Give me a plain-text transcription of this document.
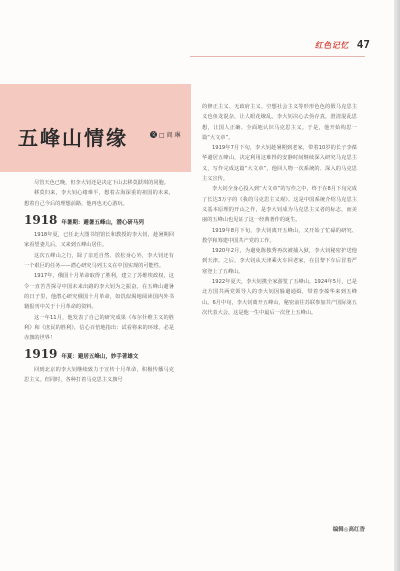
红色记忆 47
五峰山情缘	文 □ 阎 琳

尽管天色已晚，但李大钊还是决定下山去移莫跃琪的同胞。

移莫归来，李大钊心绪难平，想着古海深重的祖国的未来，想着自己今后的理想前路，他再也无心游玩。

1918 年暑期：避暑五峰山，潜心研马列

1918年夏，已任北大图书馆馆长和教授的李大钊，趁暑期回家看望妻儿后，又来到五峰山居住。

这次五峰山之行，除了亲近自然、放松身心外，李大钊还有一个艰巨的任务——潜心研究马列主义在中国实现的可能性。

1917年，俄国十月革命取得了胜利，建立了苏维埃政权，这令一直苦苦探寻中国未来出路的李大钊为之振奋。在五峰山避暑的日子里，他潜心研究俄国十月革命，如饥似渴地阅读国内外书籍报刊中关于十月革命的资料。

这一年11月，他发表了自己的研究成果《布尔什维主义的胜利》和《庶民的胜利》，信心百倍地指出：试看将来的环球，必是赤旗的世界！

1919 年夏：避居五峰山，妙手著雄文

回到北京的李大钊继续致力于宣传十月革命，积极传播马克思主义。但同时，各种打着马克思主义旗号

的修正主义、无政府主义、空想社会主义等形形色色的假马克思主义也鱼龙混杂，让人眼花缭乱。李大钊决心去伪存真，澄清混乱思想，让国人正确、全面地认识马克思主义。于是，他开始构思一篇“大文章”。

1919年7月下旬，李大钊趁暑期到老家，带着10岁的长子李葆华避居五峰山，决定利用这难得的安静时间继续深入研究马克思主义，写作完成这篇“大文章”，他回人物一次系统的、深入的马克思主义宣传。

李大钊全身心投入到“大文章”的写作之中，终于在8月下旬完成了长达3万字的《我的马克思主义观》。这是中国系统介绍马克思主义基本原理的开山之作，是李大钊成为马克思主义者的标志，而美丽的五峰山也见证了这一经典著作的诞生。

1919年8月下旬，李大钊离开五峰山，又开始了忙碌的研究、教学和筹建中国共产党的工作。

1920年2月，为避免陈独秀再次被捕入狱，李大钊秘密护送他到天津。之后，李大钊从天津乘火车回老家，在昌黎下车后冒着严寒登上了五峰山。

1922年夏天，李大钊携全家游览了五峰山。1924年5月，已是北方国共两党领导人的李大钊因躲避通缉，带着李葆华来到五峰山。6月中旬，李大钊离开五峰山，秘密前往苏联参加共产国际第五次代表大会。这是他一生中最后一次登上五峰山。

编辑◎高红香
